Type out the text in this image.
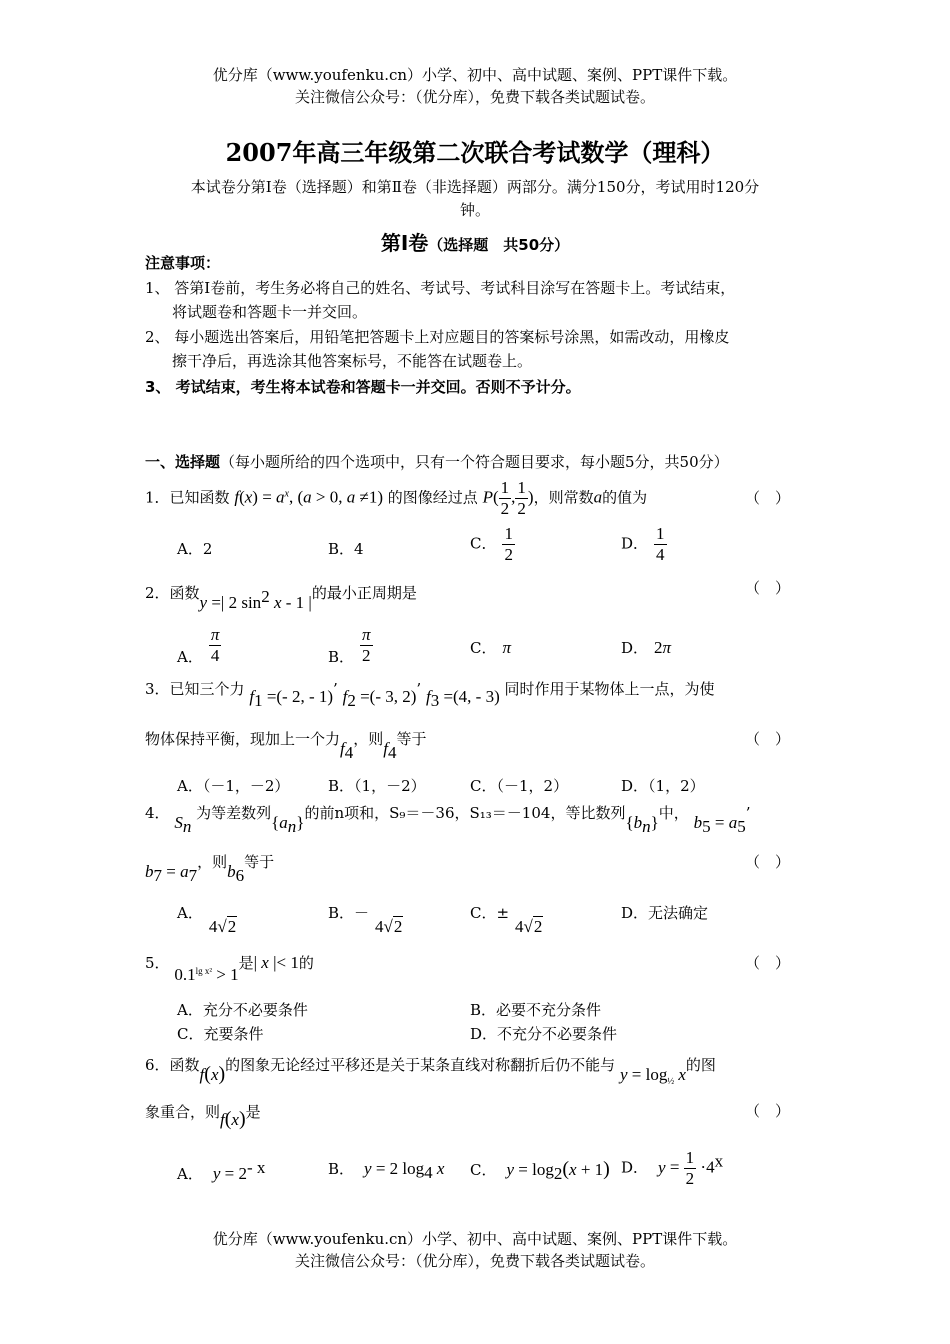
优分库（www.youfenku.cn）小学、初中、高中试题、案例、PPT课件下载。
关注微信公众号：（优分库），免费下载各类试题试卷。
2007年高三年级第二次联合考试数学（理科）
本试卷分第Ⅰ卷（选择题）和第Ⅱ卷（非选择题）两部分。满分150分，考试用时120分
钟。
第Ⅰ卷（选择题　共50分）
注意事项：
1、 答第Ⅰ卷前，考生务必将自己的姓名、考试号、考试科目涂写在答题卡上。考试结束，
将试题卷和答题卡一并交回。
2、 每小题选出答案后，用铅笔把答题卡上对应题目的答案标号涂黑，如需改动，用橡皮
擦干净后，再选涂其他答案标号，不能答在试题卷上。
3、 考试结束，考生将本试卷和答题卡一并交回。否则不予计分。
一、选择题（每小题所给的四个选项中，只有一个符合题目要求，每小题5分，共50分）
1．已知函数 $f(x) = a^x$, (a > 0, a ≠1) 的图像经过点 $P( \frac{1}{2}$ , $\frac{1}{2}$ )，则常数a的值为	（　）
A．2	B．4	C． $\frac{1}{2}$	D． $\frac{1}{4}$
2．函数y =| 2 $\sin^2 x - 1$ |的最小正周期是	（　）
A． $\frac{\pi}{4}$	B． $\frac{\pi}{2}$	C． π	D． 2π
3．已知三个力 $f_1$ =(- 2, - 1)’ $f_2$ =(- 3, 2)’ $f_3 =(4$, - 3) 同时作用于某物体上一点，为使
物体保持平衡，现加上一个力$f_4$，则$f_4$等于	（　）
A．（－1，－2）	B．（1，－2）	C．（－1，2）	D．（1，2）
4． $S_n$ 为等差数列$\{a_n\}$的前n项和，S₉＝－36，S₁₃＝－104，等比数列$\{b_n\}$中， $b_5 = a_5$’
$b_7 = a_7$，则$b_6$等于	（　）
A．4√2
B．－4√2
C．±4√2
D．无法确定
5． $0.1^{lg x^2} > 1$是| x |< 1的	（　）
A．充分不必要条件	B．必要不充分条件
C．充要条件	D．不充分不必要条件
6．函数f(x)的图象无论经过平移还是关于某条直线对称翻折后仍不能与 $y = \log_{\frac{1}{2}} x$的图
象重合，则f(x)是	（　）
A． $y = 2^{- x}$	B． y = 2 $\log_4 x$ C． $y = \log_2(x + 1)$ D． $y = \frac{1}{2} \cdot 4^x$
优分库（www.youfenku.cn）小学、初中、高中试题、案例、PPT课件下载。
关注微信公众号：（优分库），免费下载各类试题试卷。
